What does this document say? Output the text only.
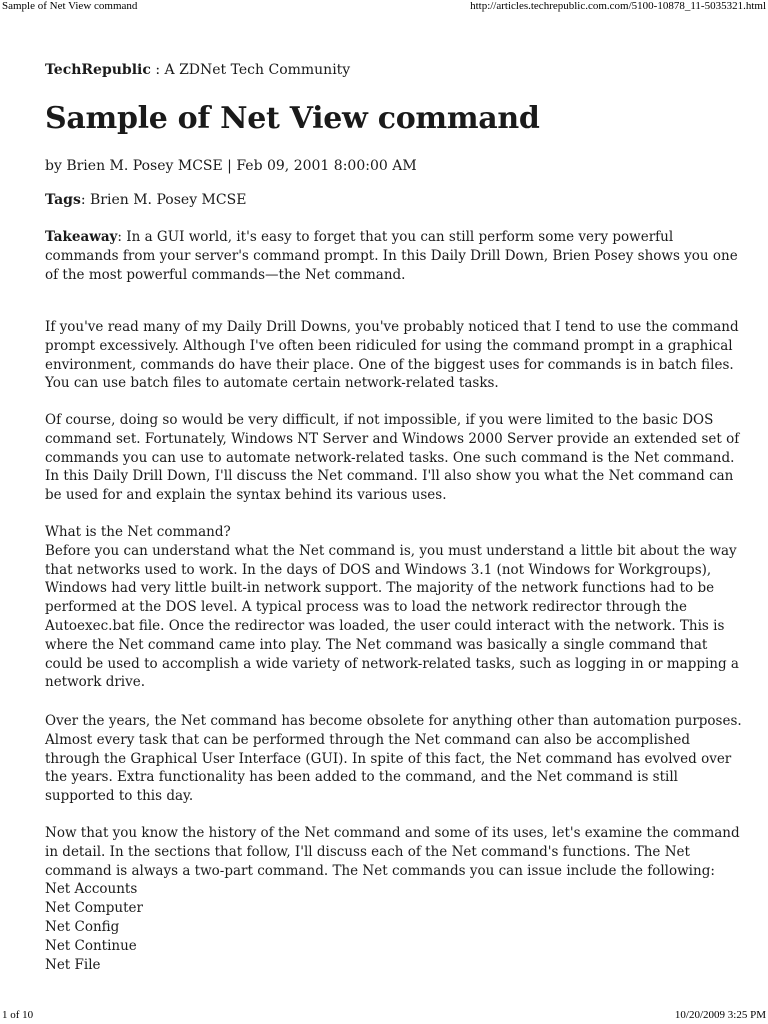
Sample of Net View command	http://articles.techrepublic.com.com/5100-10878_11-5035321.html
TechRepublic : A ZDNet Tech Community
Sample of Net View command
by Brien M. Posey MCSE | Feb 09, 2001 8:00:00 AM
Tags: Brien M. Posey MCSE
Takeaway: In a GUI world, it's easy to forget that you can still perform some very powerful
commands from your server's command prompt. In this Daily Drill Down, Brien Posey shows you one
of the most powerful commands—the Net command.
If you've read many of my Daily Drill Downs, you've probably noticed that I tend to use the command
prompt excessively. Although I've often been ridiculed for using the command prompt in a graphical
environment, commands do have their place. One of the biggest uses for commands is in batch files.
You can use batch files to automate certain network-related tasks.
Of course, doing so would be very difficult, if not impossible, if you were limited to the basic DOS
command set. Fortunately, Windows NT Server and Windows 2000 Server provide an extended set of
commands you can use to automate network-related tasks. One such command is the Net command.
In this Daily Drill Down, I'll discuss the Net command. I'll also show you what the Net command can
be used for and explain the syntax behind its various uses.
What is the Net command?
Before you can understand what the Net command is, you must understand a little bit about the way
that networks used to work. In the days of DOS and Windows 3.1 (not Windows for Workgroups),
Windows had very little built-in network support. The majority of the network functions had to be
performed at the DOS level. A typical process was to load the network redirector through the
Autoexec.bat file. Once the redirector was loaded, the user could interact with the network. This is
where the Net command came into play. The Net command was basically a single command that
could be used to accomplish a wide variety of network-related tasks, such as logging in or mapping a
network drive.
Over the years, the Net command has become obsolete for anything other than automation purposes.
Almost every task that can be performed through the Net command can also be accomplished
through the Graphical User Interface (GUI). In spite of this fact, the Net command has evolved over
the years. Extra functionality has been added to the command, and the Net command is still
supported to this day.
Now that you know the history of the Net command and some of its uses, let's examine the command
in detail. In the sections that follow, I'll discuss each of the Net command's functions. The Net
command is always a two-part command. The Net commands you can issue include the following:
Net Accounts
Net Computer
Net Config
Net Continue
Net File
1 of 10	10/20/2009 3:25 PM
